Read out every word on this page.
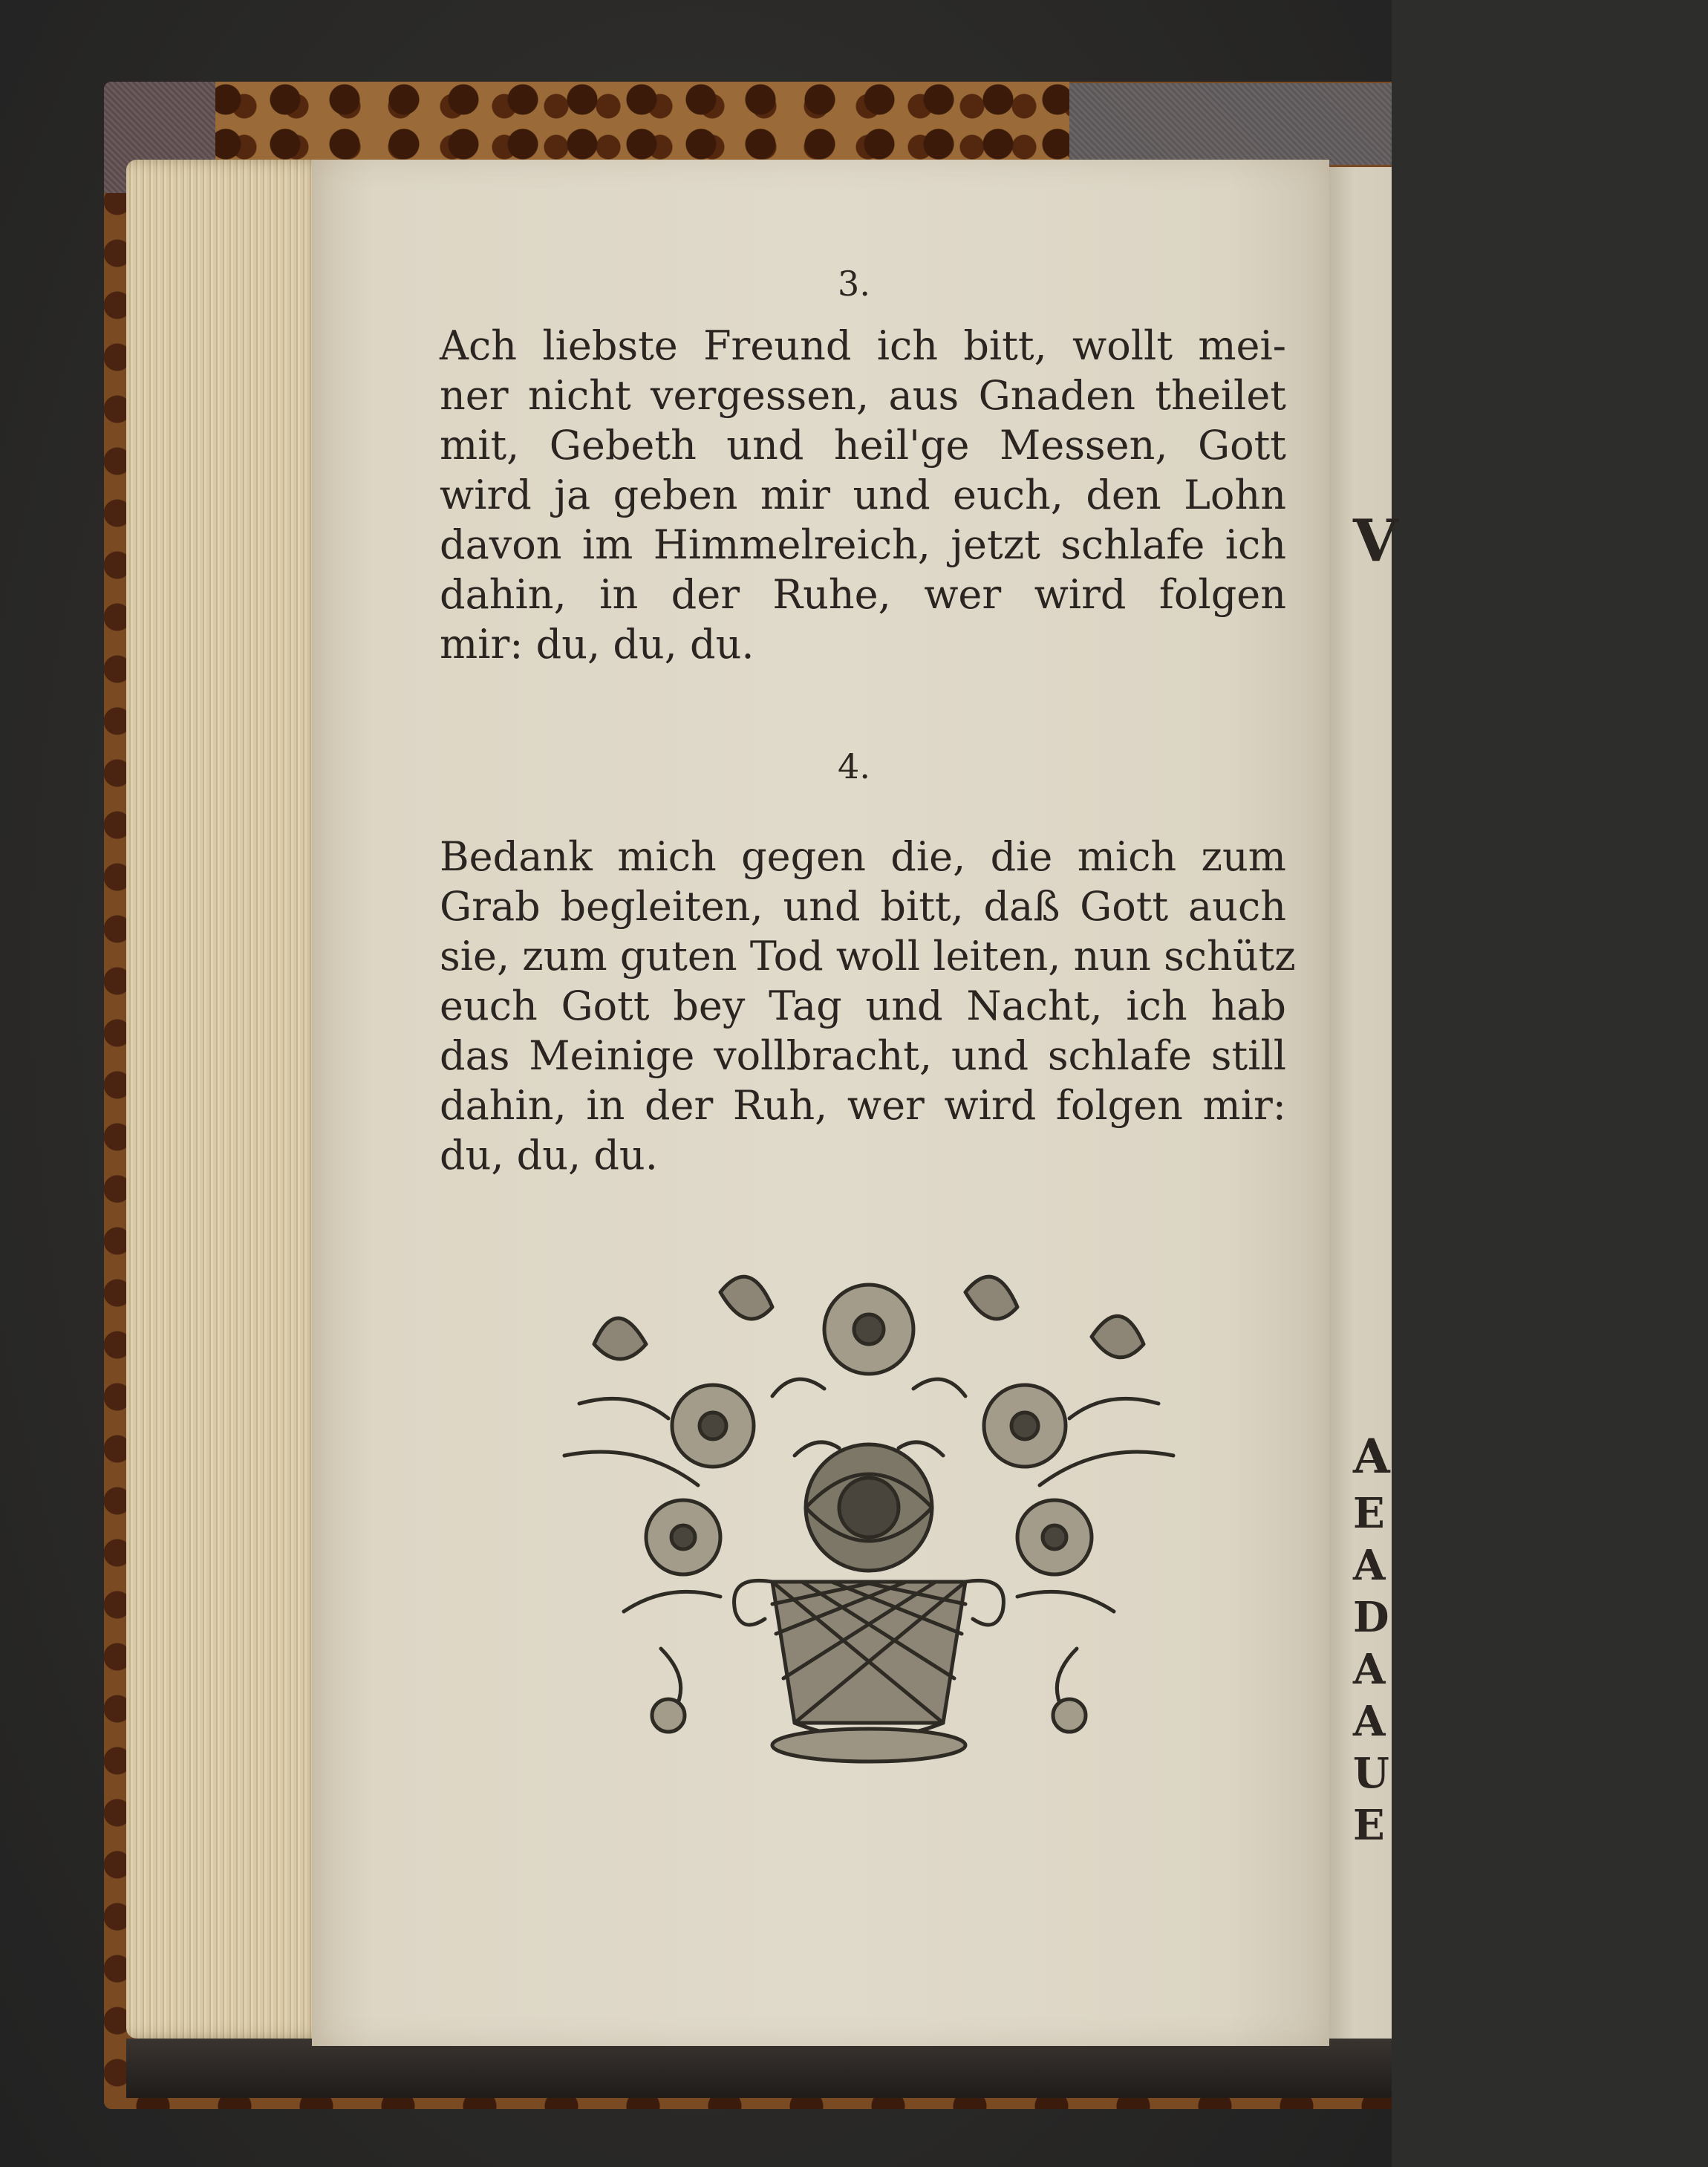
3.
Ach liebste Freund ich bitt, wollt mei-
ner nicht vergessen, aus Gnaden theilet
mit, Gebeth und heil'ge Messen, Gott
wird ja geben mir und euch, den Lohn
davon im Himmelreich, jetzt schlafe ich
dahin, in der Ruhe, wer wird folgen
mir: du, du, du.
4.
Bedank mich gegen die, die mich zum
Grab begleiten, und bitt, daß Gott auch
sie, zum guten Tod woll leiten, nun schütz
euch Gott bey Tag und Nacht, ich hab
das Meinige vollbracht, und schlafe still
dahin, in der Ruh, wer wird folgen mir:
du, du, du.
V
A
E
A
D
A
A
U
E
